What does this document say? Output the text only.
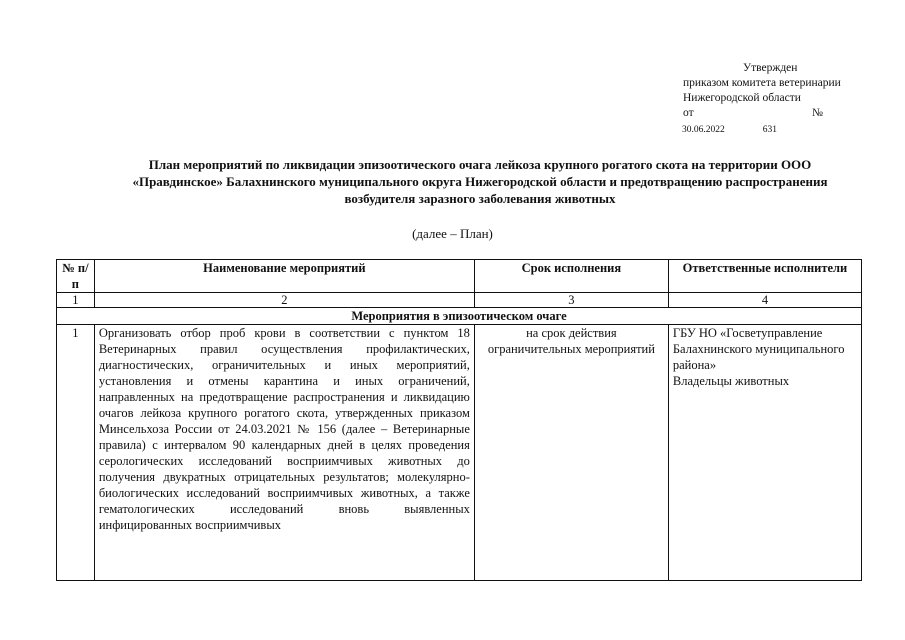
Утвержден
приказом комитета ветеринарии
Нижегородской области
от	№
30.06.2022	631
План мероприятий по ликвидации эпизоотического очага лейкоза крупного рогатого скота на территории ООО «Правдинское» Балахнинского муниципального округа Нижегородской области и предотвращению распространения возбудителя заразного заболевания животных
(далее – План)
№ п/п	Наименование мероприятий	Срок исполнения	Ответственные исполнители
1	2	3	4
Мероприятия в эпизоотическом очаге			
1	Организовать отбор проб крови в соответствии с пунктом 18 Ветеринарных правил осуществления профилактических, диагностических, ограничительных и иных мероприятий, установления и отмены карантина и иных ограничений, направленных на предотвращение распространения и ликвидацию очагов лейкоза крупного рогатого скота, утвержденных приказом Минсельхоза России от 24.03.2021 № 156 (далее – Ветеринарные правила) с интервалом 90 календарных дней в целях проведения серологических исследований восприимчивых животных до получения двукратных отрицательных результатов; молекулярно-биологических исследований восприимчивых животных, а также гематологических исследований вновь выявленных инфицированных восприимчивых	на срок действия ограничительных мероприятий	ГБУ НО «Госветуправление Балахнинского муниципального района»
Владельцы животных
